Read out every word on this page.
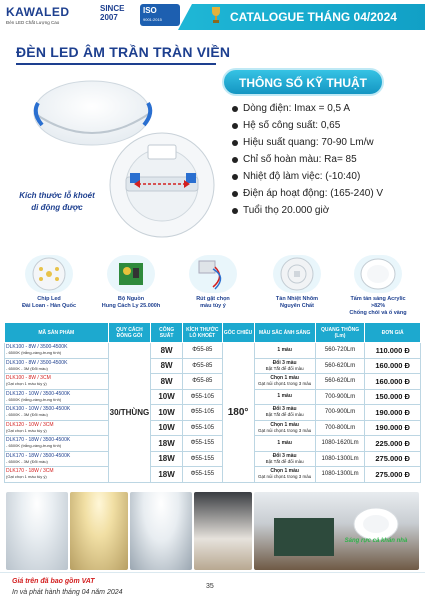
KAWALED
Đèn LED Chất Lượng Cao
SINCE
2007
ISO
9001:2015
CERTIFIED
CATALOGUE THÁNG 04/2024
ĐÈN LED ÂM TRẦN TRÀN VIỀN
Kích thước lỗ khoét
di động được
THÔNG SỐ KỸ THUẬT
Dòng điện: Imax = 0,5 A
Hệ số công suất: 0,65
Hiệu suất quang: 70-90 Lm/w
Chỉ số hoàn màu: Ra= 85
Nhiệt độ làm việc: (-10:40)
Điện áp hoạt động: (165-240) V
Tuổi thọ 20.000 giờ
Chip Led
Đài Loan - Hàn Quốc
Bộ Nguồn
Hung Cách Ly 25.000h
Rút gật chọn
màu tùy ý
Tản Nhiệt Nhôm
Nguyên Chất
Tấm tán sáng Acrylic >82%
Chống chói và ố vàng
MÃ SẢN PHẨM	QUY CÁCH ĐÓNG GÓI	CÔNG SUẤT	KÍCH THƯỚC LỖ KHOÉT	GÓC CHIẾU	MÀU SẮC ÁNH SÁNG	QUANG THÔNG (Lm)	ĐƠN GIÁ
DLK100 - 8W / 3500-4500K
- 6500K (trắng-vàng-trung tính)	30/THÙNG	8W	Φ55-85	180°	1 màu	560-720Lm	110.000 Đ
DLK100 - 8W / 3500-4500K
- 6500K - 3M (Đổi màu)		8W	Φ55-85		Đổi 3 màu
Bật Tắt để đổi màu	560-620Lm	160.000 Đ
DLK100 - 8W / 3CM
(Gạt chọn 1 màu tùy ý)		8W	Φ55-85		Chọn 1 màu
Gạt núi chọn1 trong 3 màu	560-620Lm	160.000 Đ
DLK120 - 10W / 3500-4500K
- 6500K (trắng-vàng-trung tính)		10W	Φ55-105		1 màu	700-900Lm	150.000 Đ
DLK100 - 10W / 3500-4500K
- 6500K - 3M (Đổi màu)		10W	Φ55-105		Đổi 3 màu
Bật Tắt để đổi màu	700-900Lm	190.000 Đ
DLK120 - 10W / 3CM
(Gạt chọn 1 màu tùy ý)		10W	Φ55-105		Chọn 1 màu
Gạt núi chọn1 trong 3 màu	700-800Lm	190.000 Đ
DLK170 - 18W / 3500-4500K
- 6500K (trắng-vàng-trung tính)		18W	Φ55-155		1 màu	1080-1620Lm	225.000 Đ
DLK170 - 18W / 3500-4500K
- 6500K - 3M (Đổi màu)		18W	Φ55-155		Đổi 3 màu
Bật Tắt để đổi màu	1080-1300Lm	275.000 Đ
DLK170 - 18W / 3CM
(Gạt chọn 1 màu tùy ý)		18W	Φ55-155		Chọn 1 màu
Gạt núi chọn1 trong 3 màu	1080-1300Lm	275.000 Đ
Sáng rực cả khán nhà
Giá trên đã bao gồm VAT
In và phát hành tháng 04 năm 2024
35
